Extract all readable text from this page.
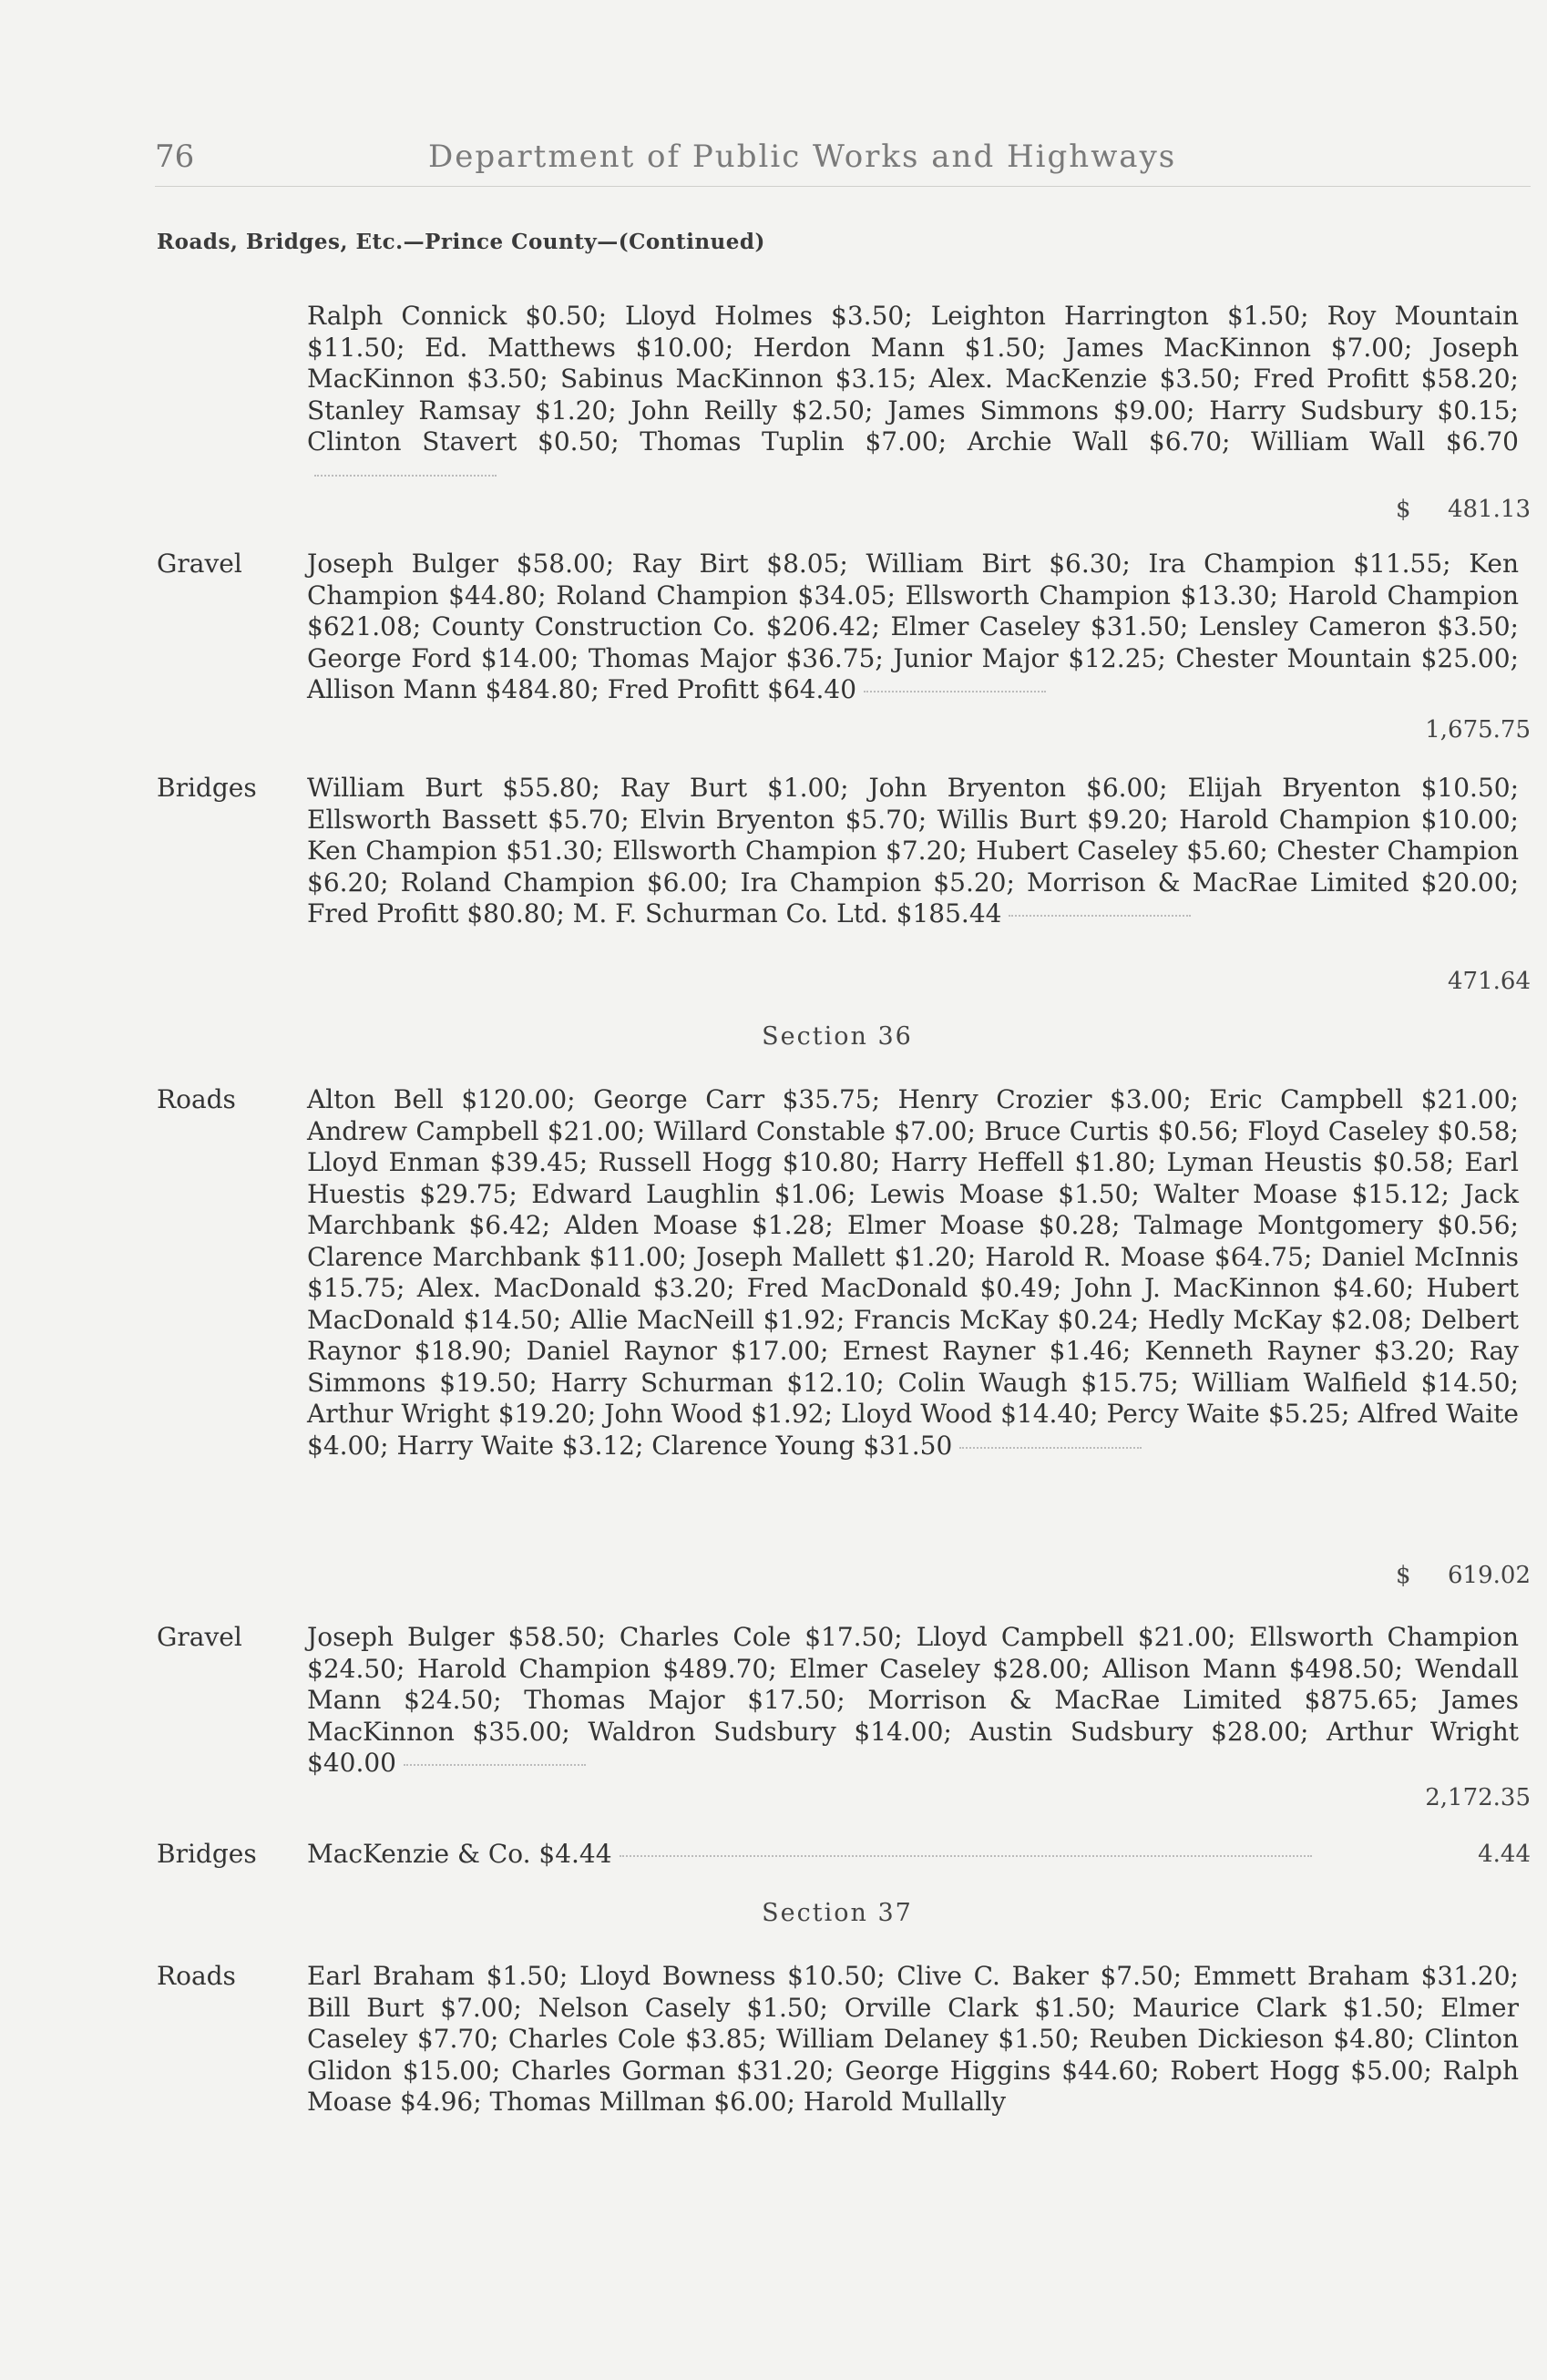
76	Department of Public Works and Highways
Roads, Bridges, Etc.—Prince County—(Continued)
Ralph Connick $0.50; Lloyd Holmes $3.50; Leighton Harrington $1.50; Roy Mountain $11.50; Ed. Matthews $10.00; Herdon Mann $1.50; James MacKinnon $7.00; Joseph MacKinnon $3.50; Sabinus MacKinnon $3.15; Alex. MacKenzie $3.50; Fred Profitt $58.20; Stanley Ramsay $1.20; John Reilly $2.50; James Simmons $9.00; Harry Sudsbury $0.15; Clinton Stavert $0.50; Thomas Tuplin $7.00; Archie Wall $6.70; William Wall $6.70
$ 481.13
Gravel	Joseph Bulger $58.00; Ray Birt $8.05; William Birt $6.30; Ira Champion $11.55; Ken Champion $44.80; Roland Champion $34.05; Ellsworth Champion $13.30; Harold Champion $621.08; County Construction Co. $206.42; Elmer Caseley $31.50; Lensley Cameron $3.50; George Ford $14.00; Thomas Major $36.75; Junior Major $12.25; Chester Mountain $25.00; Allison Mann $484.80; Fred Profitt $64.40
1,675.75
Bridges William Burt $55.80; Ray Burt $1.00; John Bryenton $6.00; Elijah Bryenton $10.50; Ellsworth Bassett $5.70; Elvin Bryenton $5.70; Willis Burt $9.20; Harold Champion $10.00; Ken Champion $51.30; Ellsworth Champion $7.20; Hubert Caseley $5.60; Chester Champion $6.20; Roland Champion $6.00; Ira Champion $5.20; Morrison & MacRae Limited $20.00; Fred Profitt $80.80; M. F. Schurman Co. Ltd. $185.44
471.64
Section 36
Roads	Alton Bell $120.00; George Carr $35.75; Henry Crozier $3.00; Eric Campbell $21.00; Andrew Campbell $21.00; Willard Constable $7.00; Bruce Curtis $0.56; Floyd Caseley $0.58; Lloyd Enman $39.45; Russell Hogg $10.80; Harry Heffell $1.80; Lyman Heustis $0.58; Earl Huestis $29.75; Edward Laughlin $1.06; Lewis Moase $1.50; Walter Moase $15.12; Jack Marchbank $6.42; Alden Moase $1.28; Elmer Moase $0.28; Talmage Montgomery $0.56; Clarence Marchbank $11.00; Joseph Mallett $1.20; Harold R. Moase $64.75; Daniel McInnis $15.75; Alex. MacDonald $3.20; Fred MacDonald $0.49; John J. MacKinnon $4.60; Hubert MacDonald $14.50; Allie MacNeill $1.92; Francis McKay $0.24; Hedly McKay $2.08; Delbert Raynor $18.90; Daniel Raynor $17.00; Ernest Rayner $1.46; Kenneth Rayner $3.20; Ray Simmons $19.50; Harry Schurman $12.10; Colin Waugh $15.75; William Walfield $14.50; Arthur Wright $19.20; John Wood $1.92; Lloyd Wood $14.40; Percy Waite $5.25; Alfred Waite $4.00; Harry Waite $3.12; Clarence Young $31.50
$ 619.02
Gravel	Joseph Bulger $58.50; Charles Cole $17.50; Lloyd Campbell $21.00; Ellsworth Champion $24.50; Harold Champion $489.70; Elmer Caseley $28.00; Allison Mann $498.50; Wendall Mann $24.50; Thomas Major $17.50; Morrison & MacRae Limited $875.65; James MacKinnon $35.00; Waldron Sudsbury $14.00; Austin Sudsbury $28.00; Arthur Wright $40.00
2,172.35
Bridges MacKenzie & Co. $4.44	4.44
Section 37
Roads	Earl Braham $1.50; Lloyd Bowness $10.50; Clive C. Baker $7.50; Emmett Braham $31.20; Bill Burt $7.00; Nelson Casely $1.50; Orville Clark $1.50; Maurice Clark $1.50; Elmer Caseley $7.70; Charles Cole $3.85; William Delaney $1.50; Reuben Dickieson $4.80; Clinton Glidon $15.00; Charles Gorman $31.20; George Higgins $44.60; Robert Hogg $5.00; Ralph Moase $4.96; Thomas Millman $6.00; Harold Mullally
